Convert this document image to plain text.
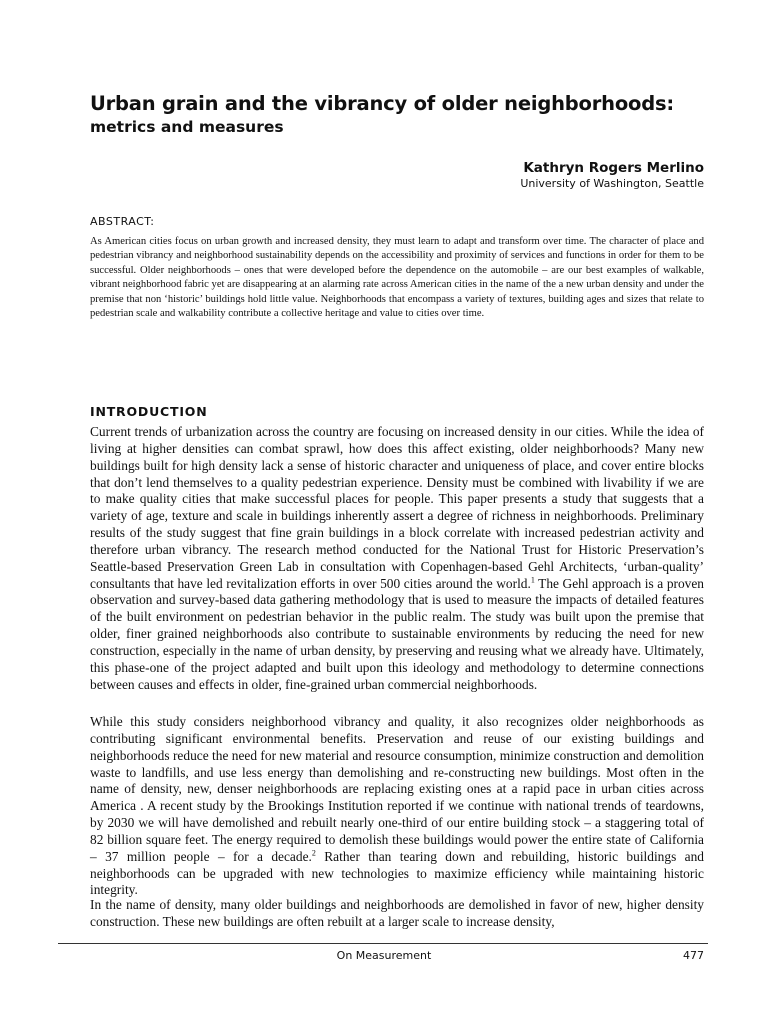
Urban grain and the vibrancy of older neighborhoods:
metrics and measures
Kathryn Rogers Merlino
University of Washington, Seattle
ABSTRACT:

As American cities focus on urban growth and increased density, they must learn to adapt and transform over time. The character of place and pedestrian vibrancy and neighborhood sustainability depends on the accessibility and proximity of services and functions in order for them to be successful. Older neighborhoods – ones that were developed before the dependence on the automobile – are our best examples of walkable, vibrant neighborhood fabric yet are disappearing at an alarming rate across American cities in the name of the a new urban density and under the premise that non ‘historic’ buildings hold little value. Neighborhoods that encompass a variety of textures, building ages and sizes that relate to pedestrian scale and walkability contribute a collective heritage and value to cities over time.

INTRODUCTION

Current trends of urbanization across the country are focusing on increased density in our cities. While the idea of living at higher densities can combat sprawl, how does this affect existing, older neighborhoods? Many new buildings built for high density lack a sense of historic character and uniqueness of place, and cover entire blocks that don’t lend themselves to a quality pedestrian experience. Density must be combined with livability if we are to make quality cities that make successful places for people. This paper presents a study that suggests that a variety of age, texture and scale in buildings inherently assert a degree of richness in neighborhoods. Preliminary results of the study suggest that fine grain buildings in a block correlate with increased pedestrian activity and therefore urban vibrancy. The research method conducted for the National Trust for Historic Preservation’s Seattle-based Preservation Green Lab in consultation with Copenhagen-based Gehl Architects, ‘urban-quality’ consultants that have led revitalization efforts in over 500 cities around the world.$^1$ The Gehl approach is a proven observation and survey-based data gathering methodology that is used to measure the impacts of detailed features of the built environment on pedestrian behavior in the public realm. The study was built upon the premise that older, finer grained neighborhoods also contribute to sustainable environments by reducing the need for new construction, especially in the name of urban density, by preserving and reusing what we already have. Ultimately, this phase-one of the project adapted and built upon this ideology and methodology to determine connections between causes and effects in older, fine-grained urban commercial neighborhoods.

While this study considers neighborhood vibrancy and quality, it also recognizes older neighborhoods as contributing significant environmental benefits. Preservation and reuse of our existing buildings and neighborhoods reduce the need for new material and resource consumption, minimize construction and demolition waste to landfills, and use less energy than demolishing and re-constructing new buildings. Most often in the name of density, new, denser neighborhoods are replacing existing ones at a rapid pace in urban cities across America . A recent study by the Brookings Institution reported if we continue with national trends of teardowns, by 2030 we will have demolished and rebuilt nearly one-third of our entire building stock – a staggering total of 82 billion square feet. The energy required to demolish these buildings would power the entire state of California – 37 million people – for a decade.$^2$ Rather than tearing down and rebuilding, historic buildings and neighborhoods can be upgraded with new technologies to maximize efficiency while maintaining historic integrity.

In the name of density, many older buildings and neighborhoods are demolished in favor of new, higher density construction. These new buildings are often rebuilt at a larger scale to increase density,

On Measurement	477
